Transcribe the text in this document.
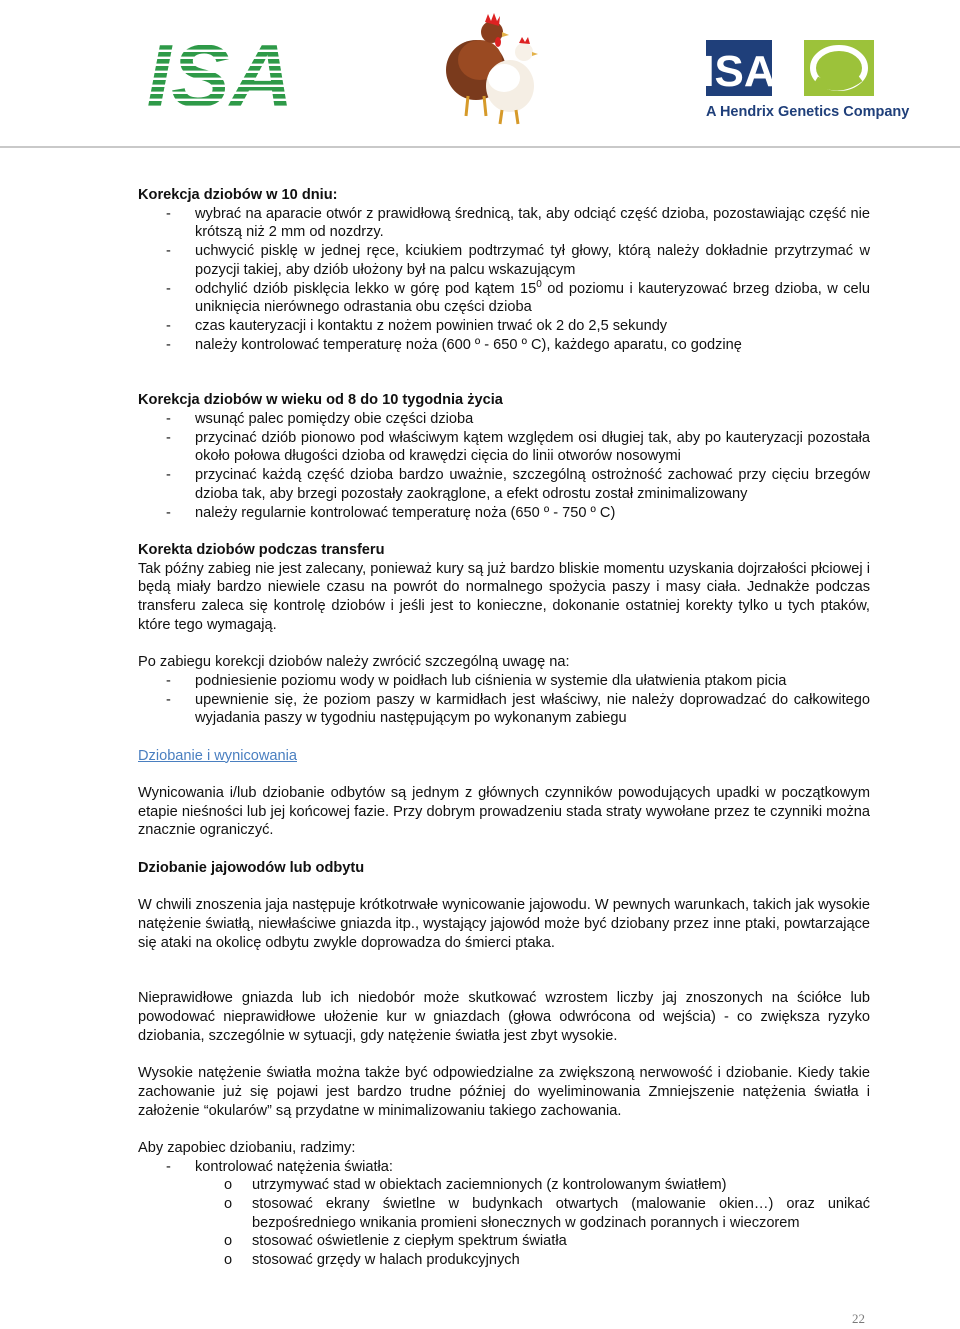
ISA	ISA
A Hendrix Genetics Company

Korekcja dziobów w 10 dniu:

- wybrać na aparacie otwór z prawidłową średnicą, tak, aby odciąć część dzioba, pozostawiając część nie krótszą niż 2 mm od nozdrzy.
- uchwycić pisklę w jednej ręce, kciukiem podtrzymać tył głowy, którą należy dokładnie przytrzymać w pozycji takiej, aby dziób ułożony był na palcu wskazującym
- odchylić dziób pisklęcia lekko w górę pod kątem $15^0$ od poziomu i kauteryzować brzeg dzioba, w celu uniknięcia nierównego odrastania obu części dzioba
- czas kauteryzacji i kontaktu z nożem powinien trwać ok 2 do 2,5 sekundy
- należy kontrolować temperaturę noża (600 º - 650 º C), każdego aparatu, co godzinę

Korekcja dziobów w wieku od 8 do 10 tygodnia życia

- wsunąć palec pomiędzy obie części dzioba
- przycinać dziób pionowo pod właściwym kątem względem osi długiej tak, aby po kauteryzacji pozostała około połowa długości dzioba od krawędzi cięcia do linii otworów nosowymi
- przycinać każdą część dzioba bardzo uważnie, szczególną ostrożność zachować przy cięciu brzegów dzioba tak, aby brzegi pozostały zaokrąglone, a efekt odrostu został zminimalizowany
- należy regularnie kontrolować temperaturę noża (650 º - 750 º C)

Korekta dziobów podczas transferu

Tak późny zabieg nie jest zalecany, ponieważ kury są już bardzo bliskie momentu uzyskania dojrzałości płciowej i będą miały bardzo niewiele czasu na powrót do normalnego spożycia paszy i masy ciała. Jednakże podczas transferu zaleca się kontrolę dziobów i jeśli jest to konieczne, dokonanie ostatniej korekty tylko u tych ptaków, które tego wymagają.

Po zabiegu korekcji dziobów należy zwrócić szczególną uwagę na:

- podniesienie poziomu wody w poidłach lub ciśnienia w systemie dla ułatwienia ptakom picia
- upewnienie się, że poziom paszy w karmidłach jest właściwy, nie należy doprowadzać do całkowitego wyjadania paszy w tygodniu następującym po wykonanym zabiegu

Dziobanie i wynicowania

Wynicowania i/lub dziobanie odbytów są jednym z głównych czynników powodujących upadki w początkowym etapie nieśności lub jej końcowej fazie. Przy dobrym prowadzeniu stada straty wywołane przez te czynniki można znacznie ograniczyć.

Dziobanie jajowodów lub odbytu

W chwili znoszenia jaja następuje krótkotrwałe wynicowanie jajowodu. W pewnych warunkach, takich jak wysokie natężenie światłą, niewłaściwe gniazda itp., wystający jajowód może być dziobany przez inne ptaki, powtarzające się ataki na okolicę odbytu zwykle doprowadza do śmierci ptaka.

Nieprawidłowe gniazda lub ich niedobór może skutkować wzrostem liczby jaj znoszonych na ściółce lub powodować nieprawidłowe ułożenie kur w gniazdach (głowa odwrócona od wejścia) - co zwiększa ryzyko dziobania, szczególnie w sytuacji, gdy natężenie światła jest zbyt wysokie.

Wysokie natężenie światła można także być odpowiedzialne za zwiększoną nerwowość i dziobanie. Kiedy takie zachowanie już się pojawi jest bardzo trudne później do wyeliminowania Zmniejszenie natężenia światła i założenie “okularów” są przydatne w minimalizowaniu takiego zachowania.

Aby zapobiec dziobaniu, radzimy:

- kontrolować natężenia światła:
o utrzymywać stad w obiektach zaciemnionych (z kontrolowanym światłem)
o stosować ekrany świetlne w budynkach otwartych (malowanie okien…) oraz unikać bezpośredniego wnikania promieni słonecznych w godzinach porannych i wieczorem
o stosować oświetlenie z ciepłym spektrum światła
o stosować grzędy w halach produkcyjnych
22
